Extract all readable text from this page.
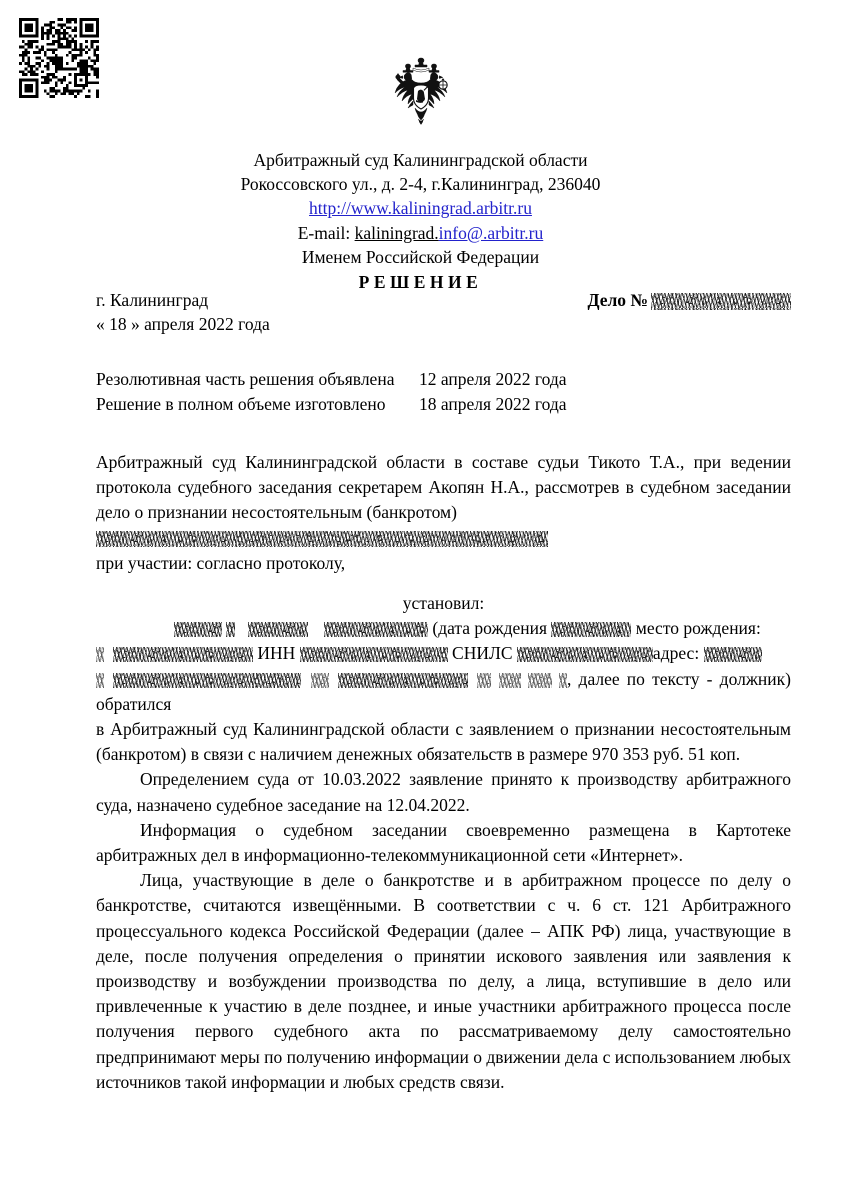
Арбитражный суд Калининградской области
Рокоссовского ул., д. 2-4, г.Калининград, 236040
http://www.kaliningrad.arbitr.ru
E-mail: kaliningrad.info@.arbitr.ru
Именем Российской Федерации
РЕШЕНИЕ
г. Калининград	Дело №
« 18 » апреля 2022 года
Резолютивная часть решения объявлена	12 апреля 2022 года
Решение в полном объеме изготовлено	18 апреля 2022 года

Арбитражный суд Калининградской области в составе судьи Тикото Т.А., при ведении протокола судебного заседания секретарем Акопян Н.А., рассмотрев в судебном заседании дело о признании несостоятельным (банкротом)

при участии: согласно протоколу,

установил:

(дата рождения	место рождения:

ИНН	СНИЛС	адрес:

, далее по тексту - должник) обратился

в Арбитражный суд Калининградской области с заявлением о признании несостоятельным (банкротом) в связи с наличием денежных обязательств в размере 970 353 руб. 51 коп.

Определением суда от 10.03.2022 заявление принято к производству арбитражного суда, назначено судебное заседание на 12.04.2022.

Информация о судебном заседании своевременно размещена в Картотеке арбитражных дел в информационно-телекоммуникационной сети «Интернет».

Лица, участвующие в деле о банкротстве и в арбитражном процессе по делу о банкротстве, считаются извещёнными. В соответствии с ч. 6 ст. 121 Арбитражного процессуального кодекса Российской Федерации (далее – АПК РФ) лица, участвующие в деле, после получения определения о принятии искового заявления или заявления к производству и возбуждении производства по делу, а лица, вступившие в дело или привлеченные к участию в деле позднее, и иные участники арбитражного процесса после получения первого судебного акта по рассматриваемому делу самостоятельно предпринимают меры по получению информации о движении дела с использованием любых источников такой информации и любых средств связи.
